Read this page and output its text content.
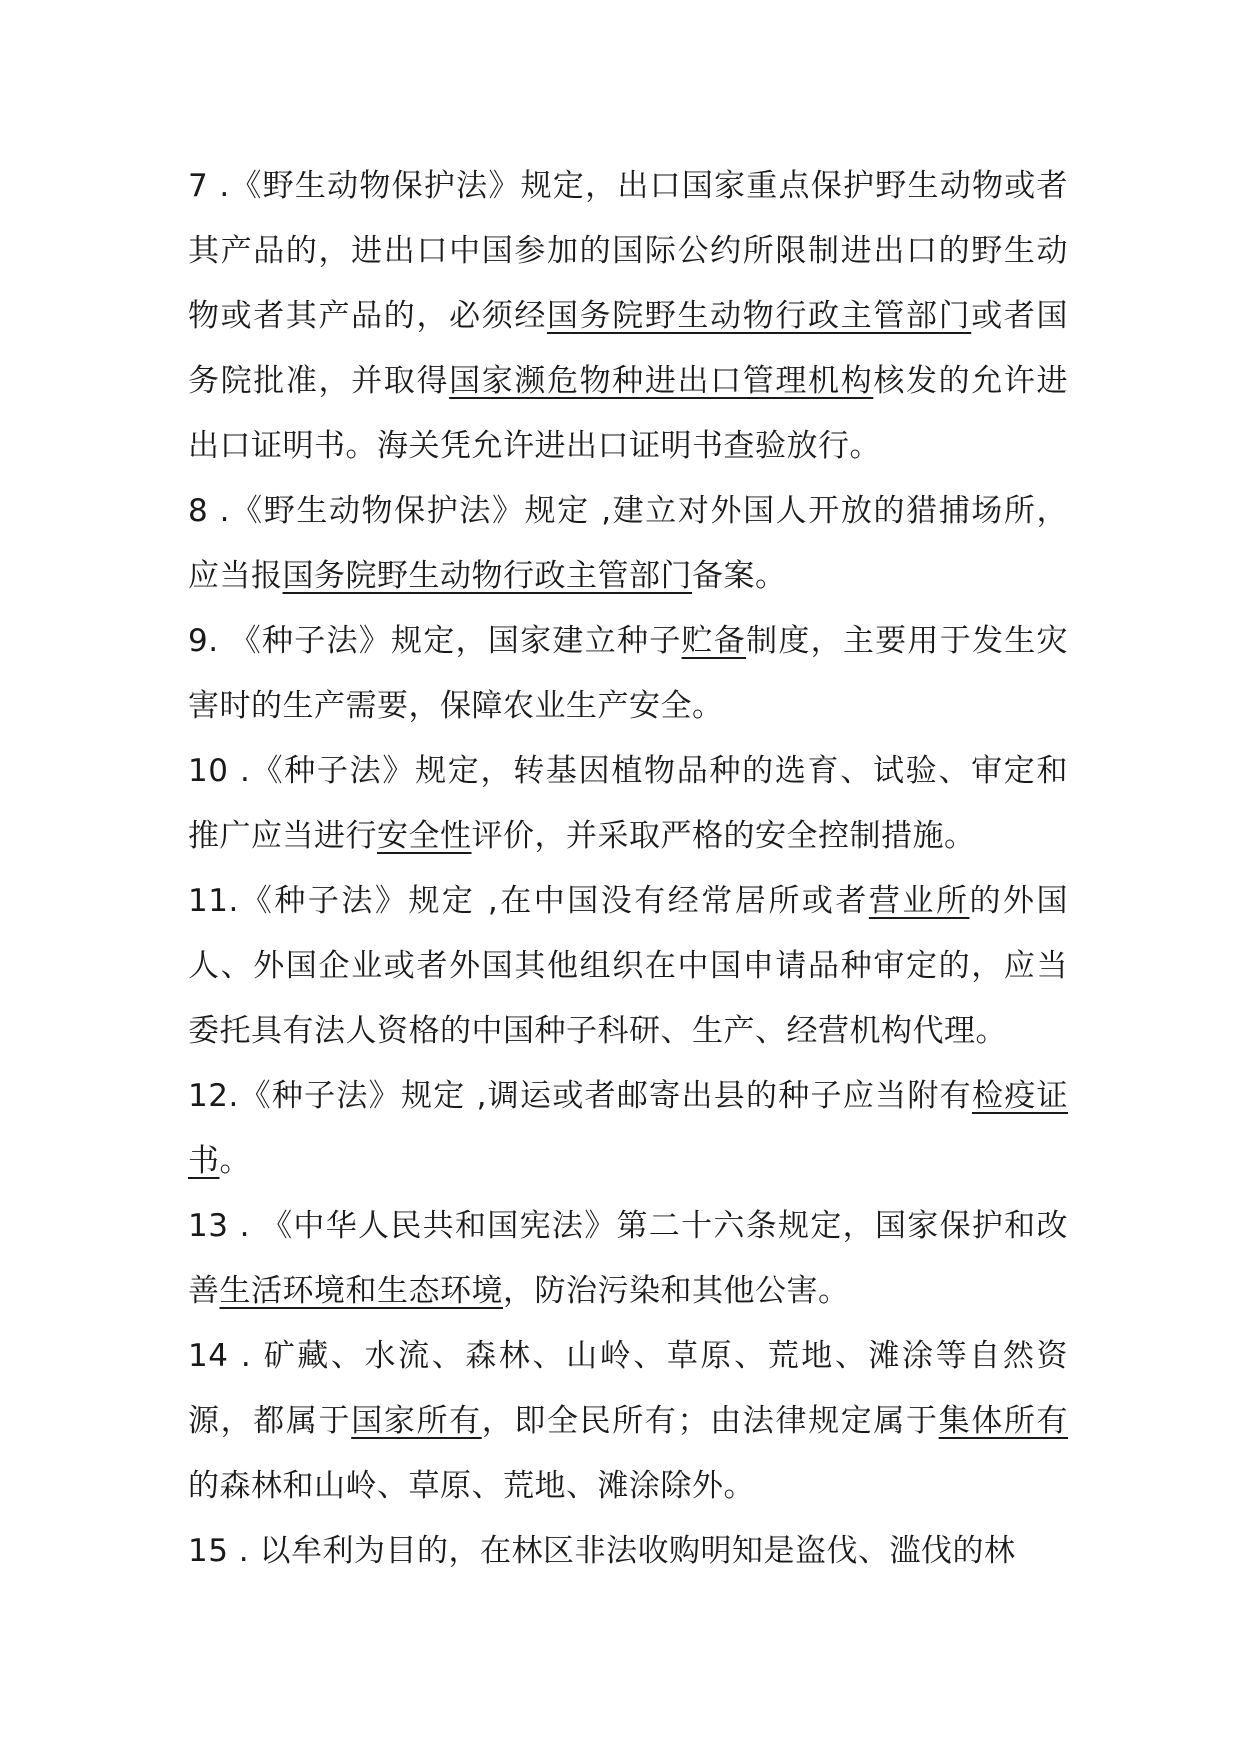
7 .《野生动物保护法》规定，出口国家重点保护野生动物或者其产品的，进出口中国参加的国际公约所限制进出口的野生动物或者其产品的，必须经国务院野生动物行政主管部门或者国务院批准，并取得国家濒危物种进出口管理机构核发的允许进出口证明书。海关凭允许进出口证明书查验放行。

8 .《野生动物保护法》规定 ,建立对外国人开放的猎捕场所，应当报国务院野生动物行政主管部门备案。

9. 《种子法》规定，国家建立种子贮备制度，主要用于发生灾害时的生产需要，保障农业生产安全。

10 .《种子法》规定，转基因植物品种的选育、试验、审定和推广应当进行安全性评价，并采取严格的安全控制措施。

11.《种子法》规定 ,在中国没有经常居所或者营业所的外国人、外国企业或者外国其他组织在中国申请品种审定的，应当委托具有法人资格的中国种子科研、生产、经营机构代理。

12.《种子法》规定 ,调运或者邮寄出县的种子应当附有检疫证书。

13 . 《中华人民共和国宪法》第二十六条规定，国家保护和改善生活环境和生态环境，防治污染和其他公害。

14 . 矿藏、水流、森林、山岭、草原、荒地、滩涂等自然资源，都属于国家所有，即全民所有；由法律规定属于集体所有的森林和山岭、草原、荒地、滩涂除外。

15 . 以牟利为目的，在林区非法收购明知是盗伐、滥伐的林
